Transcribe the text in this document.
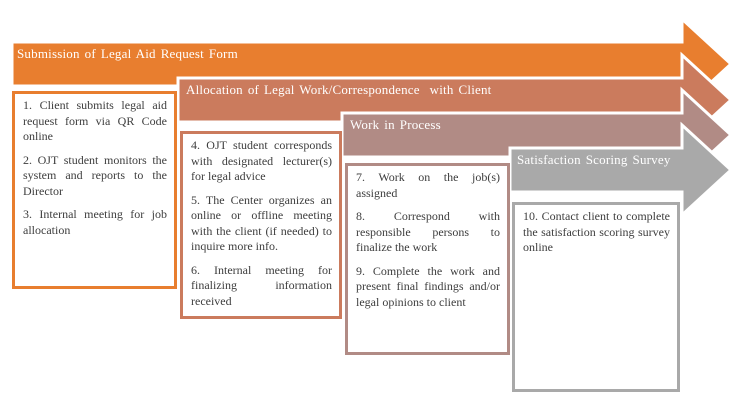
Submission of Legal Aid Request Form
Allocation of Legal Work/Correspondence  with Client
Work in Process
Satisfaction Scoring Survey

1. Client submits legal aid request form via QR Code online

2. OJT student monitors the system and reports to the Director

3. Internal meeting for job allocation

4. OJT student corresponds with designated lecturer(s) for legal advice

5. The Center organizes an online or offline meeting with the client (if needed) to inquire more info.

6. Internal meeting for finalizing information received

7. Work on the job(s) assigned

8. Correspond with responsible persons to finalize the work

9. Complete the work and present final findings and/or legal opinions to client

10. Contact client to complete the satisfaction scoring survey online
